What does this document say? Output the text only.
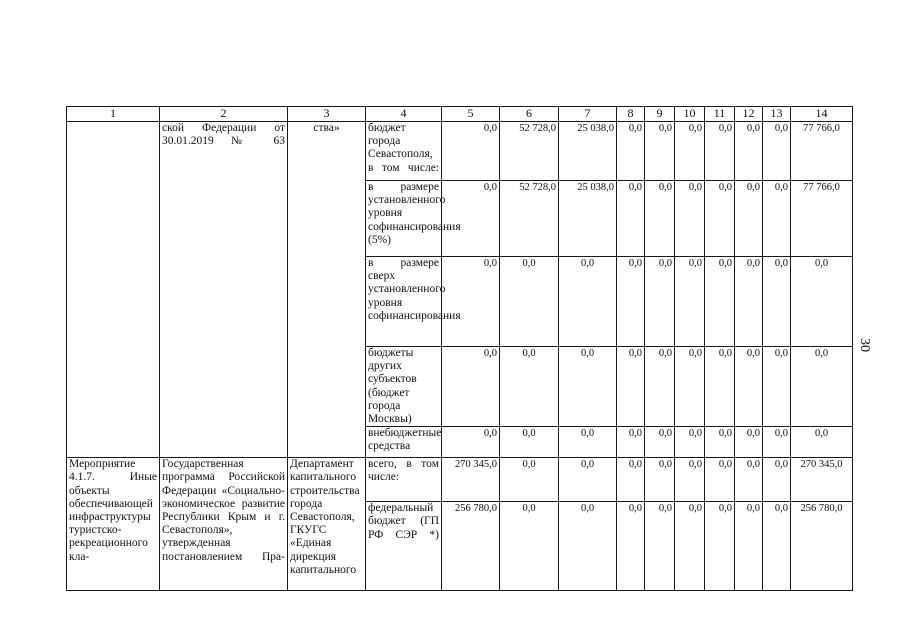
1	2	3	4	5	6	7	8	9	10	11	12	13	14
	ской Федерации от 30.01.2019 № 63	ства»	бюджет города Севастополя, в том числе:	0,0	52 728,0	25 038,0	0,0	0,0	0,0	0,0	0,0	0,0	77 766,0
			в размере установленного уровня софинансирования (5%)	0,0	52 728,0	25 038,0	0,0	0,0	0,0	0,0	0,0	0,0	77 766,0
			в размере сверх установленного уровня софинансирования	0,0	0,0	0,0	0,0	0,0	0,0	0,0	0,0	0,0	0,0
			бюджеты других субъектов (бюджет города Москвы)	0,0	0,0	0,0	0,0	0,0	0,0	0,0	0,0	0,0	0,0
			внебюджетные средства	0,0	0,0	0,0	0,0	0,0	0,0	0,0	0,0	0,0	0,0
Мероприятие 4.1.7. Иные объекты обеспечивающей инфраструктуры туристско-рекреационного кла-	Государственная программа Российской Федерации «Социально-экономическое развитие Республики Крым и г. Севастополя», утвержденная постановлением Пра-	Департамент капитального строительства города Севастополя, ГКУГС «Единая дирекция капитального	всего, в том числе:	270 345,0	0,0	0,0	0,0	0,0	0,0	0,0	0,0	0,0	270 345,0
			федеральный бюджет (ГП РФ СЭР *)	256 780,0	0,0	0,0	0,0	0,0	0,0	0,0	0,0	0,0	256 780,0
30
